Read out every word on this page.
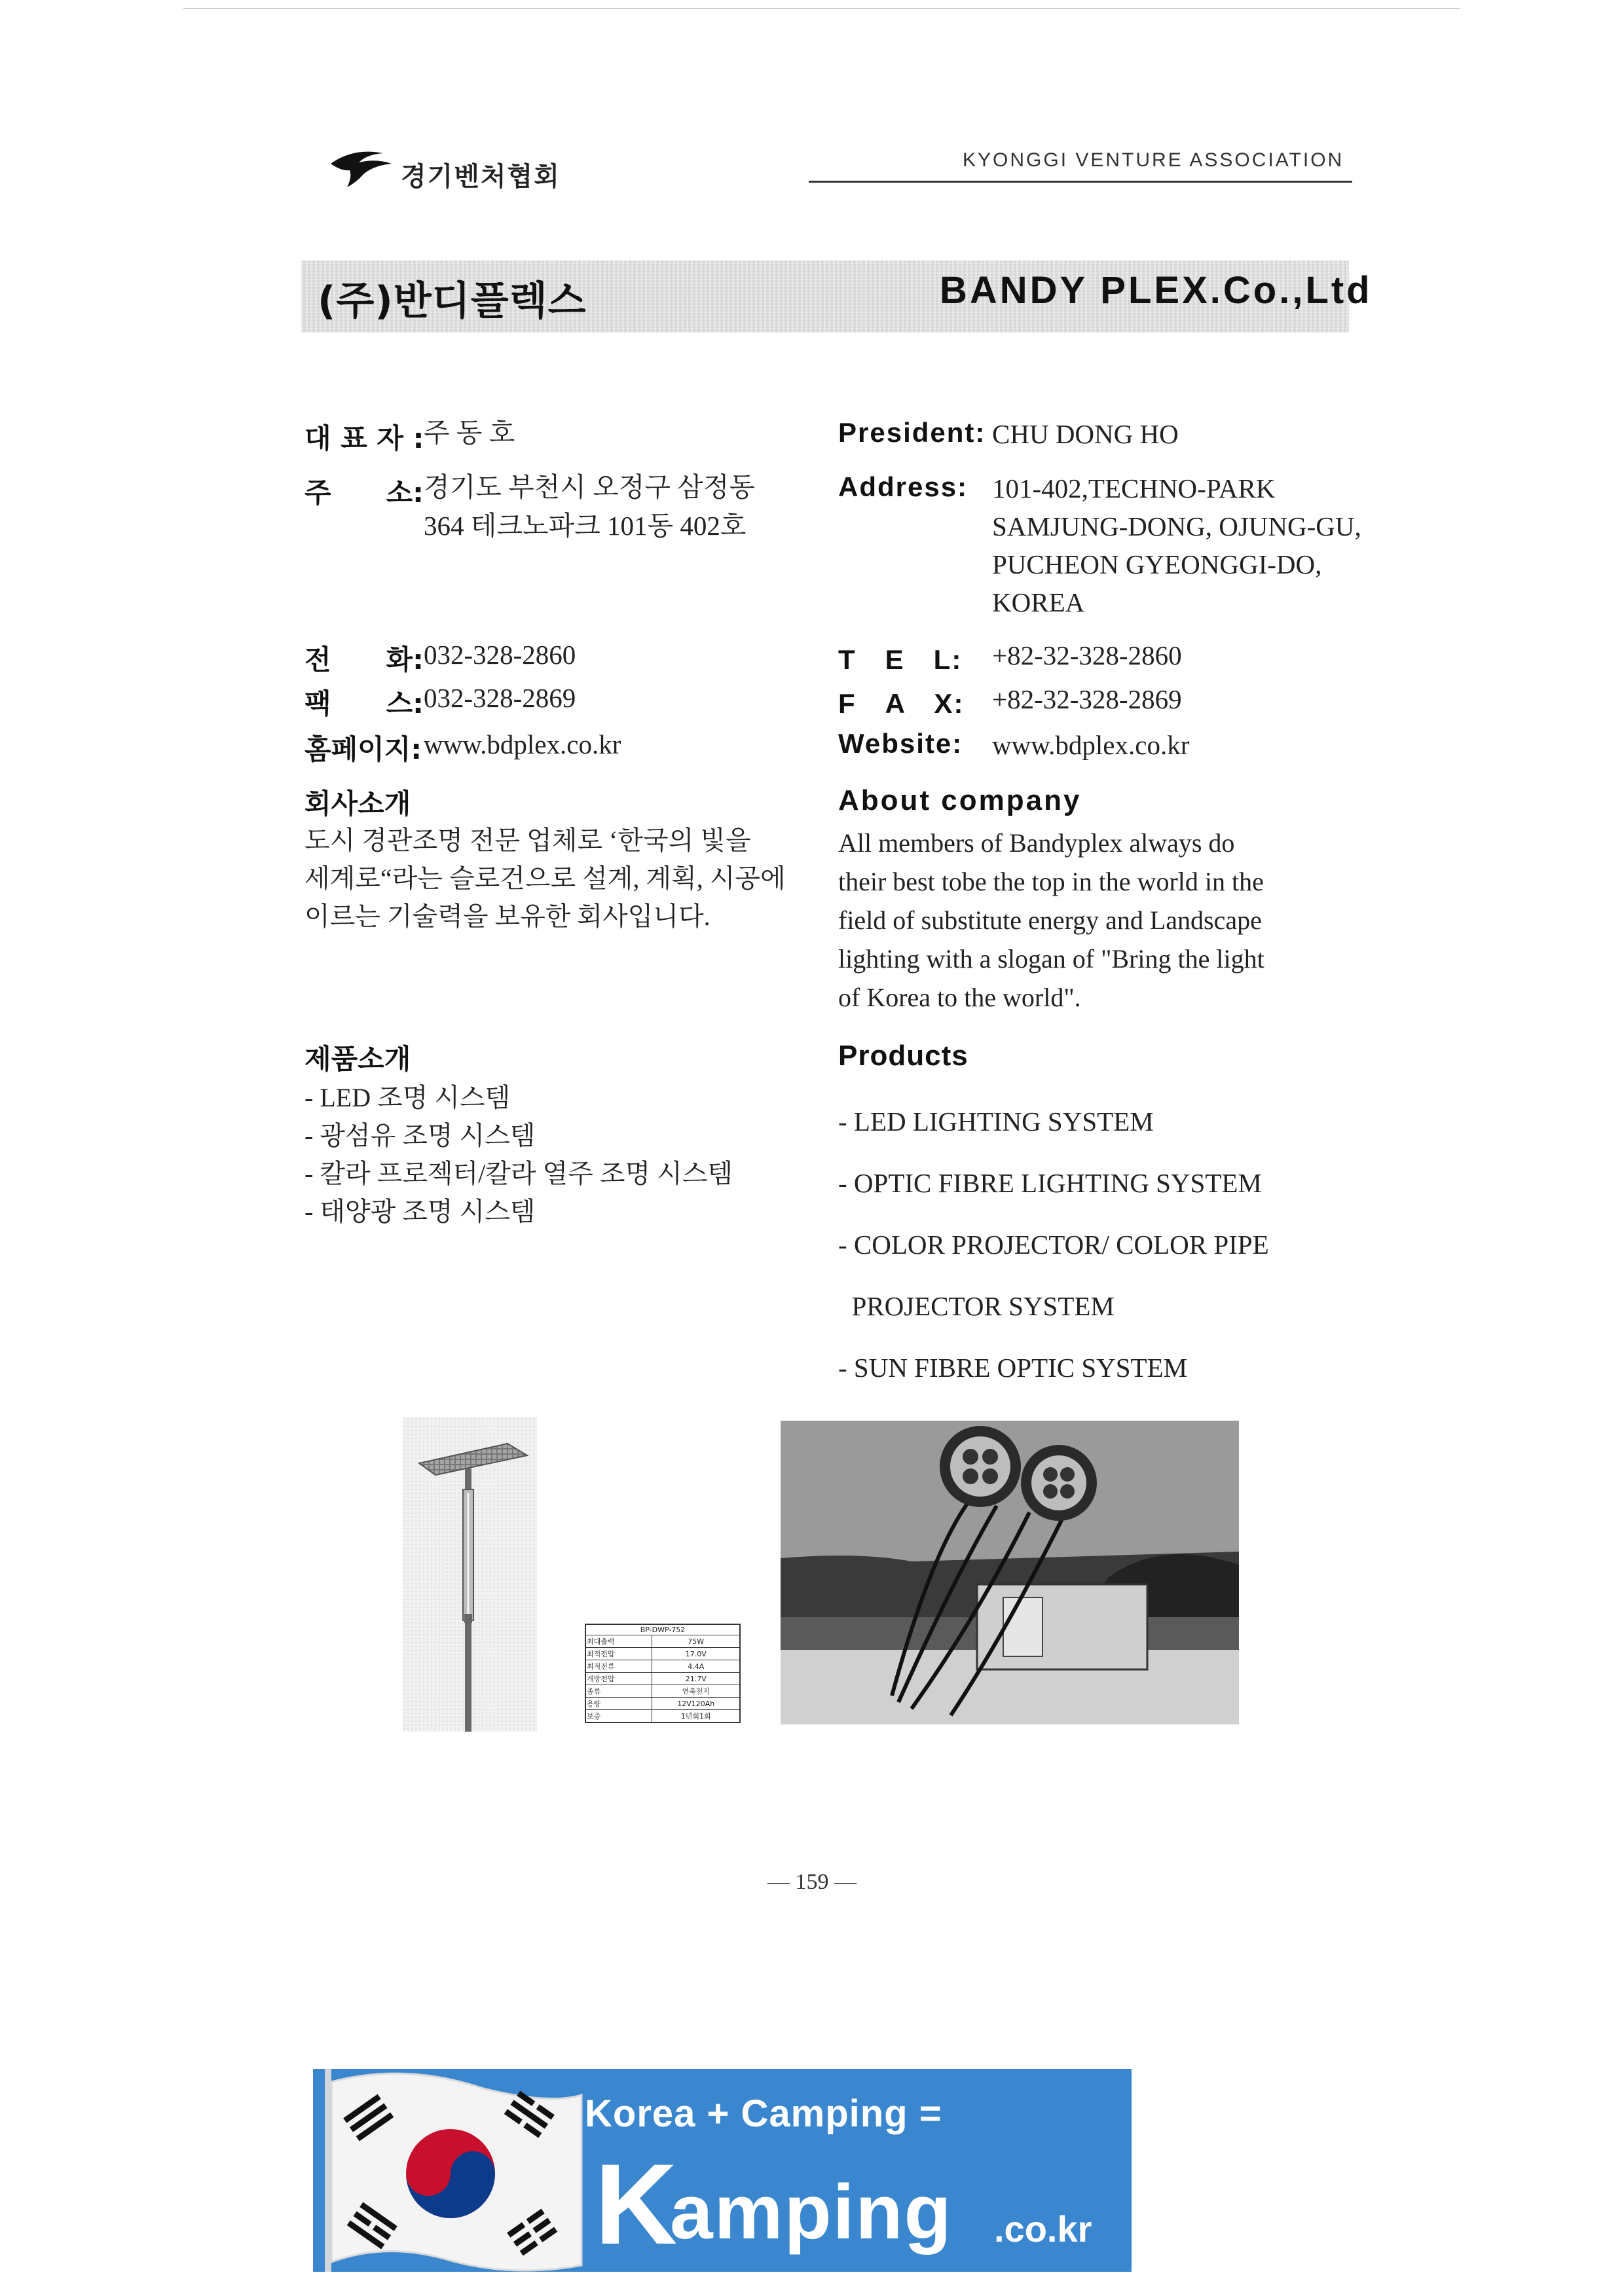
경기벤처협회
KYONGGI VENTURE ASSOCIATION
(주)반디플렉스	BANDY PLEX.Co.,Ltd
대 표 자 : 주 동 호
주　　소: 경기도 부천시 오정구 삼정동
364 테크노파크 101동 402호
전　　화: 032-328-2860
팩　　스: 032-328-2869
홈페이지: www.bdplex.co.kr
회사소개
도시 경관조명 전문 업체로 ‘한국의 빛을
세계로“라는 슬로건으로 설계, 계획, 시공에
이르는 기술력을 보유한 회사입니다.
제품소개
- LED 조명 시스템
- 광섬유 조명 시스템
- 칼라 프로젝터/칼라 열주 조명 시스템
- 태양광 조명 시스템
President: CHU DONG HO
Address: 101-402,TECHNO-PARK
SAMJUNG-DONG, OJUNG-GU,
PUCHEON GYEONGGI-DO,
KOREA
T　E　L: +82-32-328-2860
F　A　X: +82-32-328-2869
Website: www.bdplex.co.kr
About company
All members of Bandyplex always do
their best tobe the top in the world in the
field of substitute energy and Landscape
lighting with a slogan of "Bring the light
of Korea to the world".
Products

- LED LIGHTING SYSTEM

- OPTIC FIBRE LIGHTING SYSTEM

- COLOR PROJECTOR/ COLOR PIPE

PROJECTOR SYSTEM

- SUN FIBRE OPTIC SYSTEM

BP-DWP-752	
최대출력	75W
최적전압	17.0V
최적전류	4.4A
개방전압	21.7V
종류	연축전지
용량	12V120Ah
보증	1년회1회
— 159 —
Korea + Camping =
K
amping .co.kr
